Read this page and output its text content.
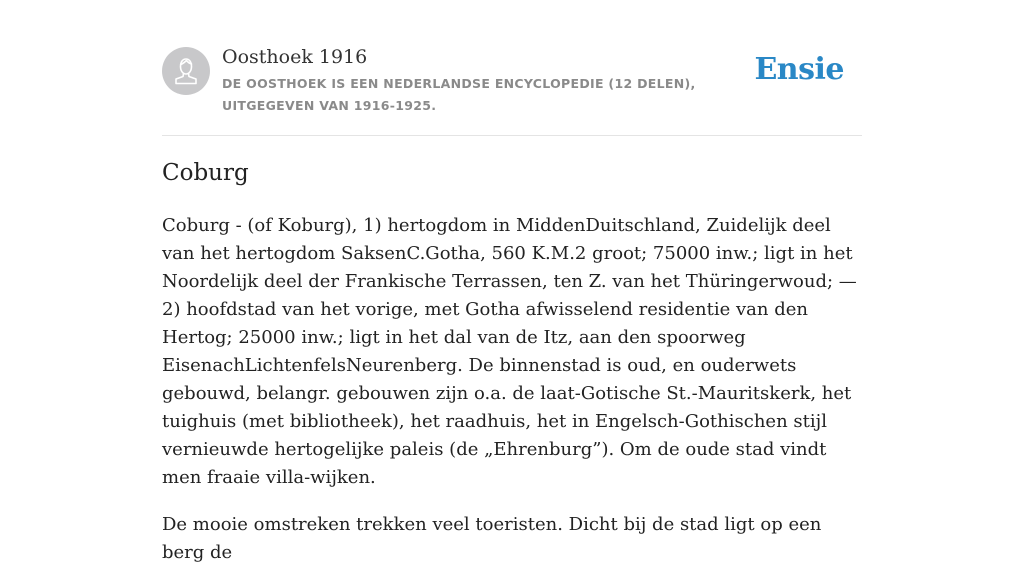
Oosthoek 1916
DE OOSTHOEK IS EEN NEDERLANDSE ENCYCLOPEDIE (12 DELEN), UITGEGEVEN VAN 1916-1925.
Ensie
Coburg

Coburg - (of Koburg), 1) hertogdom in MiddenDuitschland, Zuidelijk deel van het hertogdom SaksenC.Gotha, 560 K.M.2 groot; 75000 inw.; ligt in het Noordelijk deel der Frankische Terrassen, ten Z. van het Thüringerwoud; — 2) hoofdstad van het vorige, met Gotha afwisselend residentie van den Hertog; 25000 inw.; ligt in het dal van de Itz, aan den spoorweg EisenachLichtenfelsNeurenberg. De binnenstad is oud, en ouderwets gebouwd, belangr. gebouwen zijn o.a. de laat-Gotische St.-Mauritskerk, het tuighuis (met bibliotheek), het raadhuis, het in Engelsch-Gothischen stijl vernieuwde hertogelijke paleis (de „Ehrenburg”). Om de oude stad vindt men fraaie villa-wijken.

De mooie omstreken trekken veel toeristen. Dicht bij de stad ligt op een berg de
